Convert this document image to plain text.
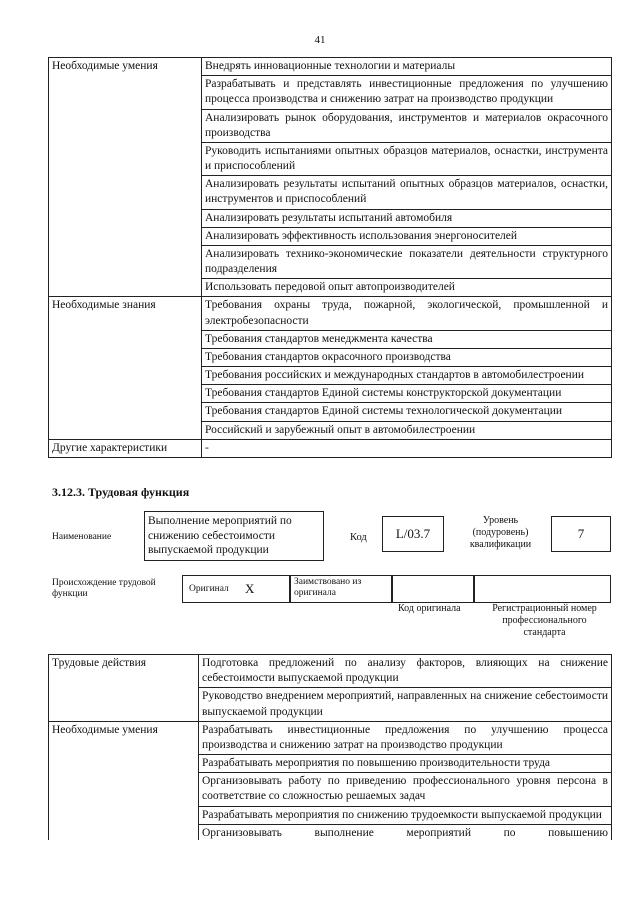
41
Необходимые умения	Внедрять инновационные технологии и материалы
	Разрабатывать и представлять инвестиционные предложения по улучшению процесса производства и снижению затрат на производство продукции
	Анализировать рынок оборудования, инструментов и материалов окрасочного производства
	Руководить испытаниями опытных образцов материалов, оснастки, инструмента и приспособлений
	Анализировать результаты испытаний опытных образцов материалов, оснастки, инструментов и приспособлений
	Анализировать результаты испытаний автомобиля
	Анализировать эффективность использования энергоносителей
	Анализировать технико-экономические показатели деятельности структурного подразделения
	Использовать передовой опыт автопроизводителей
Необходимые знания	Требования охраны труда, пожарной, экологической, промышленной и электробезопасности
	Требования стандартов менеджмента качества
	Требования стандартов окрасочного производства
	Требования российских и международных стандартов в автомобилестроении
	Требования стандартов Единой системы конструкторской документации
	Требования стандартов Единой системы технологической документации
	Российский и зарубежный опыт в автомобилестроении
Другие характеристики	-
3.12.3. Трудовая функция
Наименование
Выполнение мероприятий по снижению себестоимости выпускаемой продукции
Код	L/03.7
Уровень (подуровень) квалификации
7
Происхождение трудовой функции
Оригинал X	Заимствовано из оригинала
Код оригинала	Регистрационный номер профессионального стандарта
Трудовые действия	Подготовка предложений по анализу факторов, влияющих на снижение себестоимости выпускаемой продукции
	Руководство внедрением мероприятий, направленных на снижение себестоимости выпускаемой продукции
Необходимые умения	Разрабатывать инвестиционные предложения по улучшению процесса производства и снижению затрат на производство продукции
	Разрабатывать мероприятия по повышению производительности труда
	Организовывать работу по приведению профессионального уровня персона в соответствие со сложностью решаемых задач
	Разрабатывать мероприятия по снижению трудоемкости выпускаемой продукции
	Организовывать выполнение мероприятий по повышению
